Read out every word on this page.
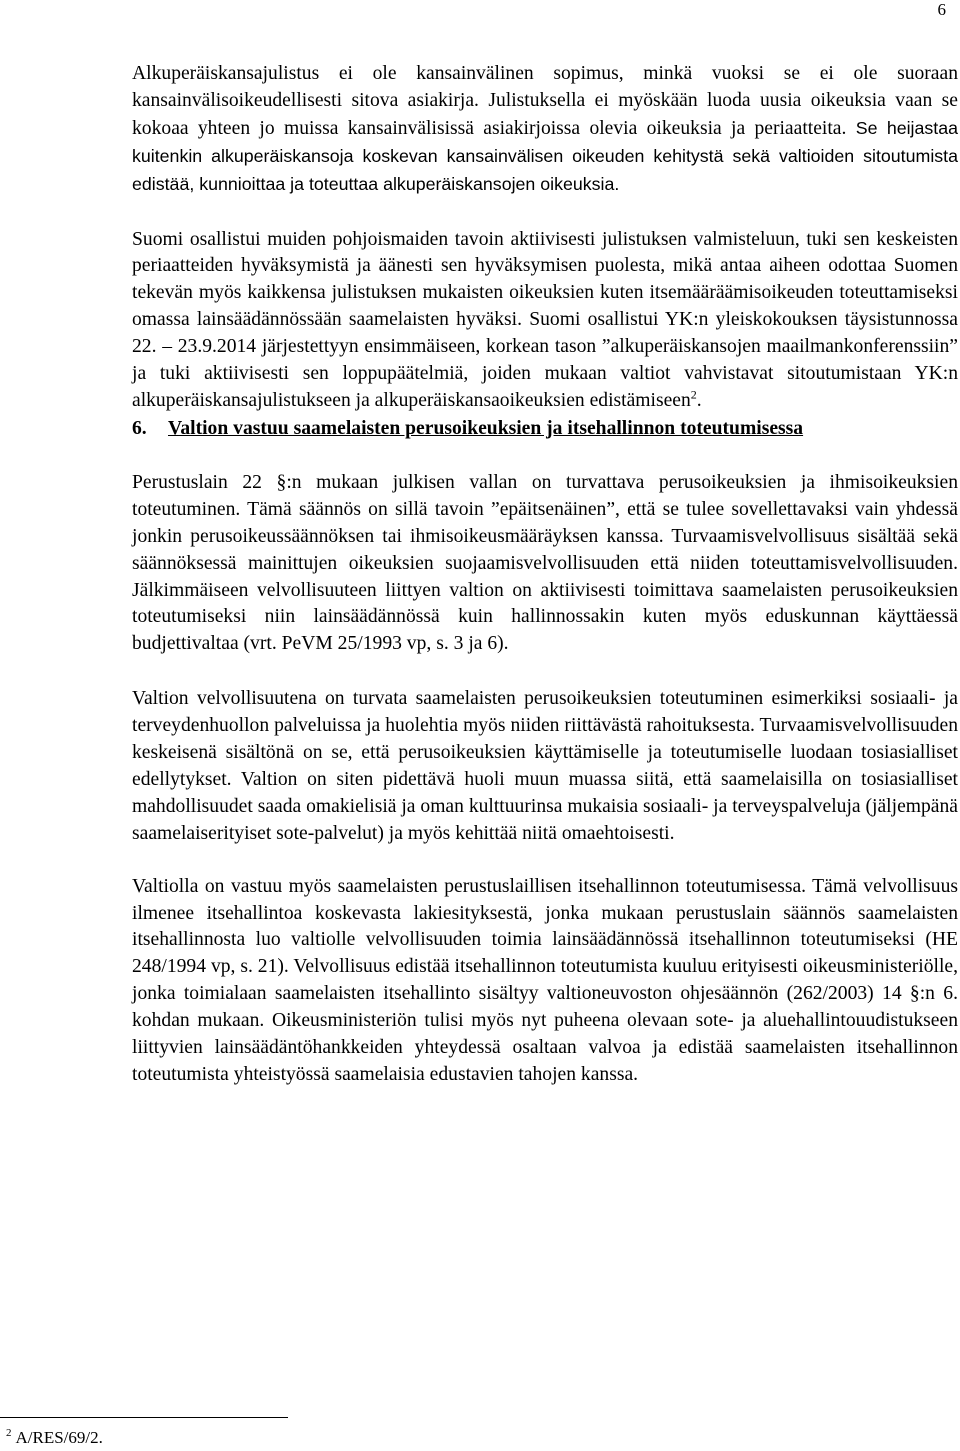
6

Alkuperäiskansajulistus ei ole kansainvälinen sopimus, minkä vuoksi se ei ole suoraan kansainvälisoikeudellisesti sitova asiakirja. Julistuksella ei myöskään luoda uusia oikeuksia vaan se kokoaa yhteen jo muissa kansainvälisissä asiakirjoissa olevia oikeuksia ja periaatteita. Se heijastaa kuitenkin alkuperäiskansoja koskevan kansainvälisen oikeuden kehitystä sekä valtioiden sitoutumista edistää, kunnioittaa ja toteuttaa alkuperäiskansojen oikeuksia.

Suomi osallistui muiden pohjoismaiden tavoin aktiivisesti julistuksen valmisteluun, tuki sen keskeisten periaatteiden hyväksymistä ja äänesti sen hyväksymisen puolesta, mikä antaa aiheen odottaa Suomen tekevän myös kaikkensa julistuksen mukaisten oikeuksien kuten itsemääräämisoikeuden toteuttamiseksi omassa lainsäädännössään saamelaisten hyväksi. Suomi osallistui YK:n yleiskokouksen täysistunnossa 22. – 23.9.2014 järjestettyyn ensimmäiseen, korkean tason ”alkuperäiskansojen maailmankonferenssiin” ja tuki aktiivisesti sen loppupäätelmiä, joiden mukaan valtiot vahvistavat sitoutumistaan YK:n alkuperäiskansajulistukseen ja alkuperäiskansaoikeuksien edistämiseen$^2$.

6.	Valtion vastuu saamelaisten perusoikeuksien ja itsehallinnon toteutumisessa

Perustuslain 22 §:n mukaan julkisen vallan on turvattava perusoikeuksien ja ihmisoikeuksien toteutuminen. Tämä säännös on sillä tavoin ”epäitsenäinen”, että se tulee sovellettavaksi vain yhdessä jonkin perusoikeussäännöksen tai ihmisoikeusmääräyksen kanssa. Turvaamisvelvollisuus sisältää sekä säännöksessä mainittujen oikeuksien suojaamisvelvollisuuden että niiden toteuttamisvelvollisuuden. Jälkimmäiseen velvollisuuteen liittyen valtion on aktiivisesti toimittava saamelaisten perusoikeuksien toteutumiseksi niin lainsäädännössä kuin hallinnossakin kuten myös eduskunnan käyttäessä budjettivaltaa (vrt. PeVM 25/1993 vp, s. 3 ja 6).

Valtion velvollisuutena on turvata saamelaisten perusoikeuksien toteutuminen esimerkiksi sosiaali- ja terveydenhuollon palveluissa ja huolehtia myös niiden riittävästä rahoituksesta. Turvaamisvelvollisuuden keskeisenä sisältönä on se, että perusoikeuksien käyttämiselle ja toteutumiselle luodaan tosiasialliset edellytykset. Valtion on siten pidettävä huoli muun muassa siitä, että saamelaisilla on tosiasialliset mahdollisuudet saada omakielisiä ja oman kulttuurinsa mukaisia sosiaali- ja terveyspalveluja (jäljempänä saamelaiserityiset sote-palvelut) ja myös kehittää niitä omaehtoisesti.

Valtiolla on vastuu myös saamelaisten perustuslaillisen itsehallinnon toteutumisessa. Tämä velvollisuus ilmenee itsehallintoa koskevasta lakiesityksestä, jonka mukaan perustuslain säännös saamelaisten itsehallinnosta luo valtiolle velvollisuuden toimia lainsäädännössä itsehallinnon toteutumiseksi (HE 248/1994 vp, s. 21). Velvollisuus edistää itsehallinnon toteutumista kuuluu erityisesti oikeusministeriölle, jonka toimialaan saamelaisten itsehallinto sisältyy valtioneuvoston ohjesäännön (262/2003) 14 §:n 6. kohdan mukaan. Oikeusministeriön tulisi myös nyt puheena olevaan sote- ja aluehallintouudistukseen liittyvien lainsäädäntöhankkeiden yhteydessä osaltaan valvoa ja edistää saamelaisten itsehallinnon toteutumista yhteistyössä saamelaisia edustavien tahojen kanssa.

$^2$ A/RES/69/2.
